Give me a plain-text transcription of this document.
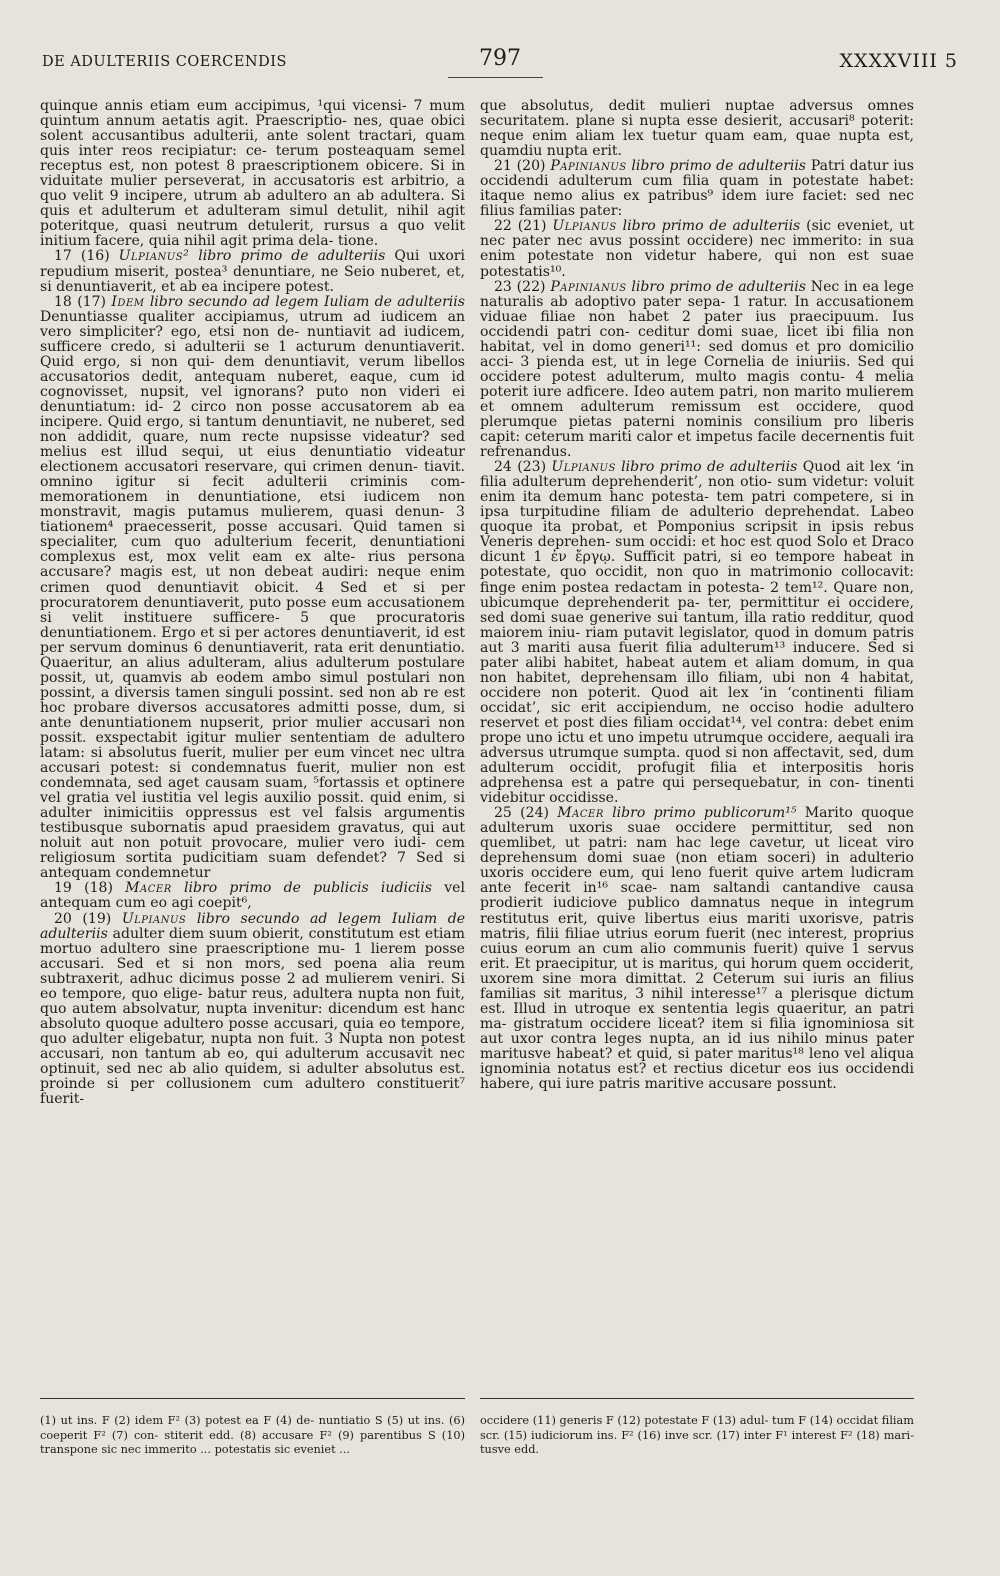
DE ADULTERIIS COERCENDIS	797	XXXXVIII 5

quinque annis etiam eum accipimus, ¹qui vicensi- 7 mum quintum annum aetatis agit. Praescriptio- nes, quae obici solent accusantibus adulterii, ante solent tractari, quam quis inter reos recipiatur: ce- terum posteaquam semel receptus est, non potest 8 praescriptionem obicere. Si in viduitate mulier perseverat, in accusatoris est arbitrio, a quo velit 9 incipere, utrum ab adultero an ab adultera. Si quis et adulterum et adulteram simul detulit, nihil agit poteritque, quasi neutrum detulerit, rursus a quo velit initium facere, quia nihil agit prima dela- tione.

17 (16) Ulpianus² libro primo de adulteriis Qui uxori repudium miserit, postea³ denuntiare, ne Seio nuberet, et, si denuntiaverit, et ab ea incipere potest.

18 (17) Idem libro secundo ad legem Iuliam de adulteriis Denuntiasse qualiter accipiamus, utrum ad iudicem an vero simpliciter? ego, etsi non de- nuntiavit ad iudicem, sufficere credo, si adulterii se 1 acturum denuntiaverit. Quid ergo, si non qui- dem denuntiavit, verum libellos accusatorios dedit, antequam nuberet, eaque, cum id cognovisset, nupsit, vel ignorans? puto non videri ei denuntiatum: id- 2 circo non posse accusatorem ab ea incipere. Quid ergo, si tantum denuntiavit, ne nuberet, sed non addidit, quare, num recte nupsisse videatur? sed melius est illud sequi, ut eius denuntiatio videatur electionem accusatori reservare, qui crimen denun- tiavit. omnino igitur si fecit adulterii criminis com- memorationem in denuntiatione, etsi iudicem non monstravit, magis putamus mulierem, quasi denun- 3 tiationem⁴ praecesserit, posse accusari. Quid tamen si specialiter, cum quo adulterium fecerit, denuntiationi complexus est, mox velit eam ex alte- rius persona accusare? magis est, ut non debeat audiri: neque enim crimen quod denuntiavit obicit. 4 Sed et si per procuratorem denuntiaverit, puto posse eum accusationem si velit instituere sufficere- 5 que procuratoris denuntiationem. Ergo et si per actores denuntiaverit, id est per servum dominus 6 denuntiaverit, rata erit denuntiatio. Quaeritur, an alius adulteram, alius adulterum postulare possit, ut, quamvis ab eodem ambo simul postulari non possint, a diversis tamen singuli possint. sed non ab re est hoc probare diversos accusatores admitti posse, dum, si ante denuntiationem nupserit, prior mulier accusari non possit. exspectabit igitur mulier sententiam de adultero latam: si absolutus fuerit, mulier per eum vincet nec ultra accusari potest: si condemnatus fuerit, mulier non est condemnata, sed aget causam suam, ⁵fortassis et optinere vel gratia vel iustitia vel legis auxilio possit. quid enim, si adulter inimicitiis oppressus est vel falsis argumentis testibusque subornatis apud praesidem gravatus, qui aut noluit aut non potuit provocare, mulier vero iudi- cem religiosum sortita pudicitiam suam defendet? 7 Sed si antequam condemnetur

19 (18) Macer libro primo de publicis iudiciis vel antequam cum eo agi coepit⁶,

20 (19) Ulpianus libro secundo ad legem Iuliam de adulteriis adulter diem suum obierit, constitutum est etiam mortuo adultero sine praescriptione mu- 1 lierem posse accusari. Sed et si non mors, sed poena alia reum subtraxerit, adhuc dicimus posse 2 ad mulierem veniri. Si eo tempore, quo elige- batur reus, adultera nupta non fuit, quo autem absolvatur, nupta invenitur: dicendum est hanc absoluto quoque adultero posse accusari, quia eo tempore, quo adulter eligebatur, nupta non fuit. 3 Nupta non potest accusari, non tantum ab eo, qui adulterum accusavit nec optinuit, sed nec ab alio quidem, si adulter absolutus est. proinde si per collusionem cum adultero constituerit⁷ fuerit-

que absolutus, dedit mulieri nuptae adversus omnes securitatem. plane si nupta esse desierit, accusari⁸ poterit: neque enim aliam lex tuetur quam eam, quae nupta est, quamdiu nupta erit.

21 (20) Papinianus libro primo de adulteriis Patri datur ius occidendi adulterum cum filia quam in potestate habet: itaque nemo alius ex patribus⁹ idem iure faciet: sed nec filius familias pater:

22 (21) Ulpianus libro primo de adulteriis (sic eveniet, ut nec pater nec avus possint occidere) nec immerito: in sua enim potestate non videtur habere, qui non est suae potestatis¹⁰.

23 (22) Papinianus libro primo de adulteriis Nec in ea lege naturalis ab adoptivo pater sepa- 1 ratur. In accusationem viduae filiae non habet 2 pater ius praecipuum. Ius occidendi patri con- ceditur domi suae, licet ibi filia non habitat, vel in domo generi¹¹: sed domus et pro domicilio acci- 3 pienda est, ut in lege Cornelia de iniuriis. Sed qui occidere potest adulterum, multo magis contu- 4 melia poterit iure adficere. Ideo autem patri, non marito mulierem et omnem adulterum remissum est occidere, quod plerumque pietas paterni nominis consilium pro liberis capit: ceterum mariti calor et impetus facile decernentis fuit refrenandus.

24 (23) Ulpianus libro primo de adulteriis Quod ait lex ‘in filia adulterum deprehenderit’, non otio- sum videtur: voluit enim ita demum hanc potesta- tem patri competere, si in ipsa turpitudine filiam de adulterio deprehendat. Labeo quoque ita probat, et Pomponius scripsit in ipsis rebus Veneris deprehen- sum occidi: et hoc est quod Solo et Draco dicunt 1 ἐν ἔργῳ. Sufficit patri, si eo tempore habeat in potestate, quo occidit, non quo in matrimonio collocavit: finge enim postea redactam in potesta- 2 tem¹². Quare non, ubicumque deprehenderit pa- ter, permittitur ei occidere, sed domi suae generive sui tantum, illa ratio redditur, quod maiorem iniu- riam putavit legislator, quod in domum patris aut 3 mariti ausa fuerit filia adulterum¹³ inducere. Sed si pater alibi habitet, habeat autem et aliam domum, in qua non habitet, deprehensam illo filiam, ubi non 4 habitat, occidere non poterit. Quod ait lex ‘in ‘continenti filiam occidat’, sic erit accipiendum, ne occiso hodie adultero reservet et post dies filiam occidat¹⁴, vel contra: debet enim prope uno ictu et uno impetu utrumque occidere, aequali ira adversus utrumque sumpta. quod si non affectavit, sed, dum adulterum occidit, profugit filia et interpositis horis adprehensa est a patre qui persequebatur, in con- tinenti videbitur occidisse.

25 (24) Macer libro primo publicorum¹⁵ Marito quoque adulterum uxoris suae occidere permittitur, sed non quemlibet, ut patri: nam hac lege cavetur, ut liceat viro deprehensum domi suae (non etiam soceri) in adulterio uxoris occidere eum, qui leno fuerit quive artem ludicram ante fecerit in¹⁶ scae- nam saltandi cantandive causa prodierit iudiciove publico damnatus neque in integrum restitutus erit, quive libertus eius mariti uxorisve, patris matris, filii filiae utrius eorum fuerit (nec interest, proprius cuius eorum an cum alio communis fuerit) quive 1 servus erit. Et praecipitur, ut is maritus, qui horum quem occiderit, uxorem sine mora dimittat. 2 Ceterum sui iuris an filius familias sit maritus, 3 nihil interesse¹⁷ a plerisque dictum est. Illud in utroque ex sententia legis quaeritur, an patri ma- gistratum occidere liceat? item si filia ignominiosa sit aut uxor contra leges nupta, an id ius nihilo minus pater maritusve habeat? et quid, si pater maritus¹⁸ leno vel aliqua ignominia notatus est? et rectius dicetur eos ius occidendi habere, qui iure patris maritive accusare possunt.

(1) ut ins. F (2) idem F² (3) potest ea F (4) de- nuntiatio S (5) ut ins. (6) coeperit F² (7) con- stiterit edd. (8) accusare F² (9) parentibus S (10) transpone sic nec immerito ... potestatis sic eveniet ...

occidere (11) generis F (12) potestate F (13) adul- tum F (14) occidat filiam scr. (15) iudiciorum ins. F² (16) inve scr. (17) inter F¹ interest F² (18) mari- tusve edd.
